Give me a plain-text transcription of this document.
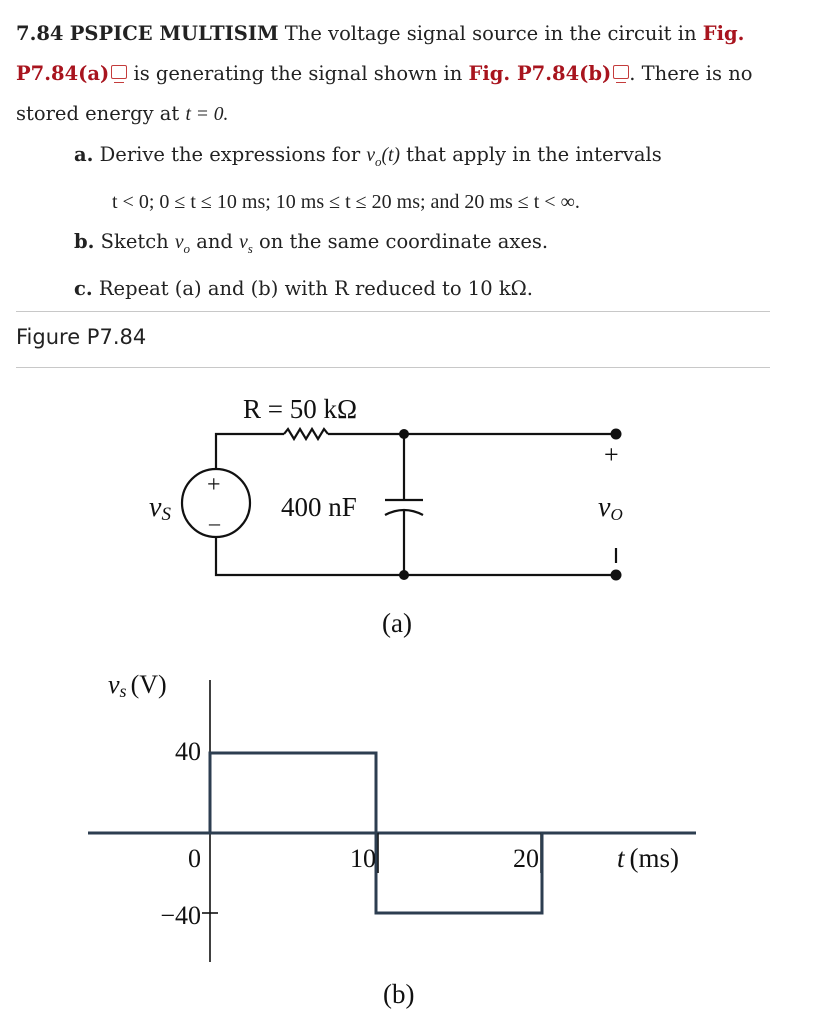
7.84 PSPICE MULTISIM The voltage signal source in the circuit in Fig.

P7.84(a) is generating the signal shown in Fig. P7.84(b) . There is no

stored energy at t = 0.

a. Derive the expressions for $v_o(t)$ that apply in the intervals

t < 0; 0 ≤ t ≤ 10 ms; 10 ms ≤ t ≤ 20 ms; and 20 ms ≤ t < ∞.

b. Sketch $v_o$ and $v_s$ on the same coordinate axes.

c. Repeat (a) and (b) with R reduced to 10 kΩ.

Figure P7.84
R = 50 kΩ
400 nF
vS
+
–
+
vO
(a)
vs (V)
40
0
−40
10	20	t (ms)
(b)
